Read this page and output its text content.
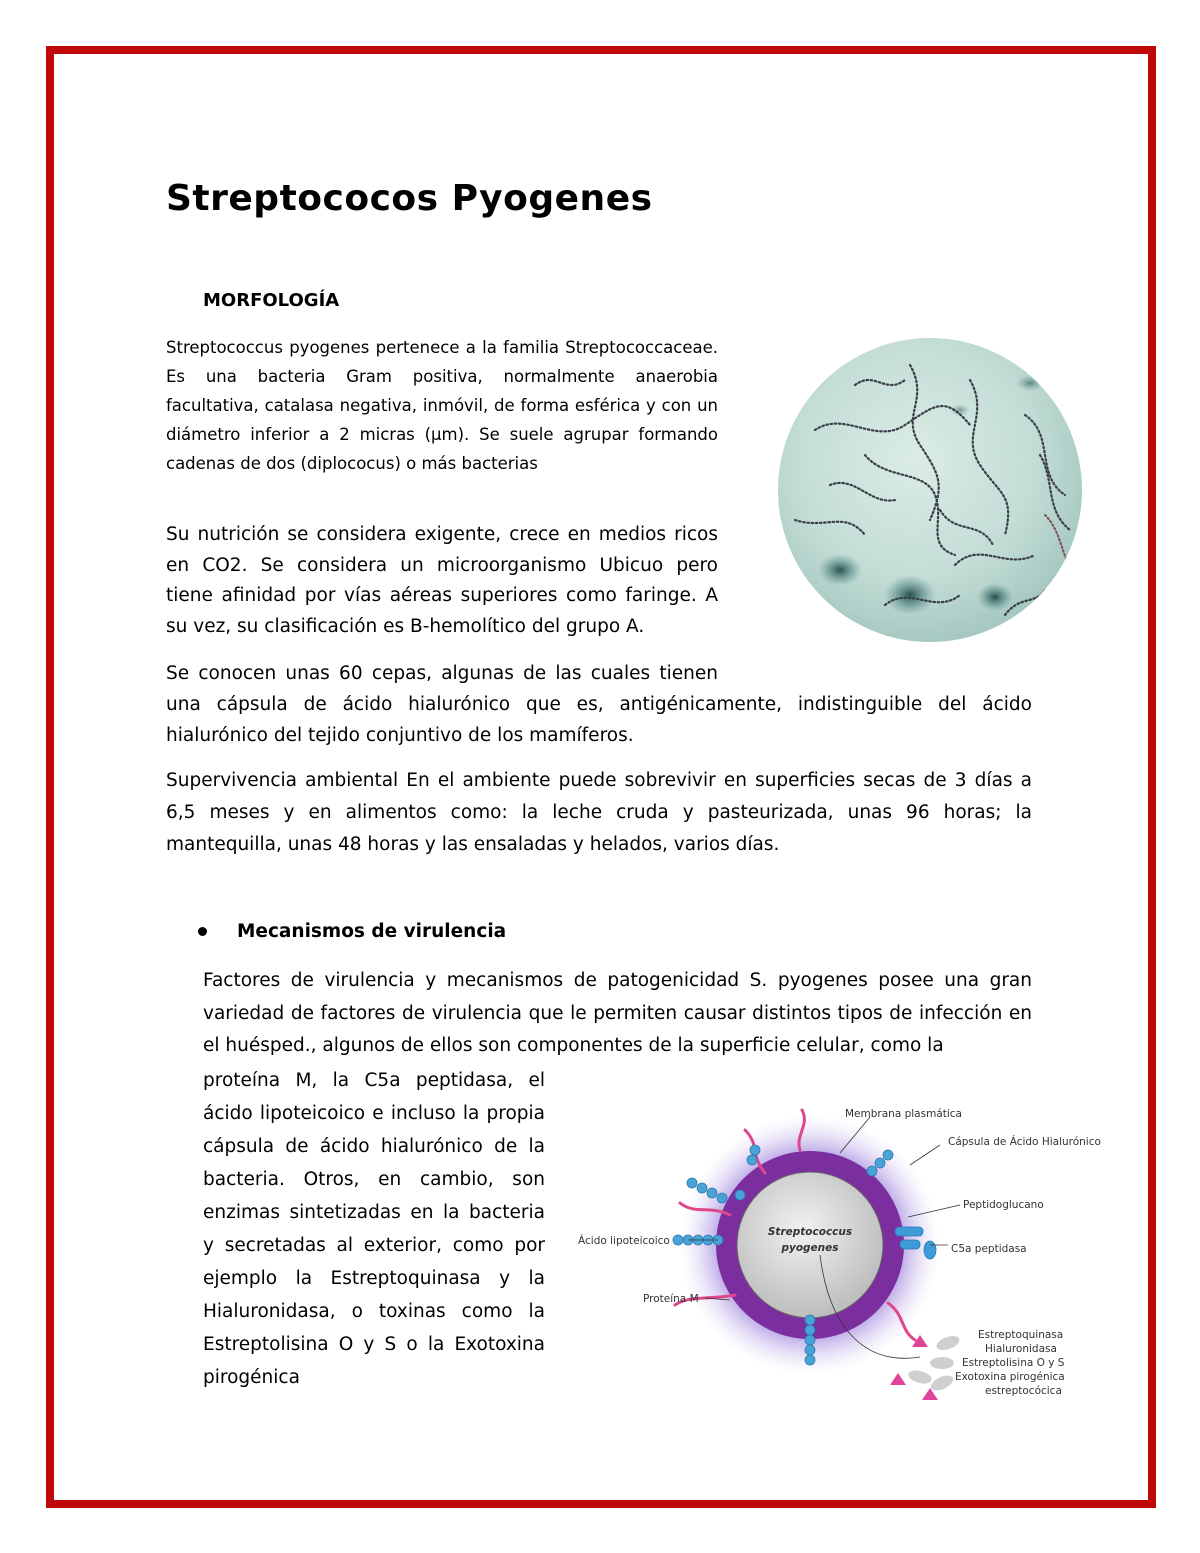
Streptococos Pyogenes
MORFOLOGÍA

Streptococcus pyogenes pertenece a la familia Streptococcaceae. Es una bacteria Gram positiva, normalmente anaerobia facultativa, catalasa negativa, inmóvil, de forma esférica y con un diámetro inferior a 2 micras (µm). Se suele agrupar formando cadenas de dos (diplococus) o más bacterias

Su nutrición se considera exigente, crece en medios ricos en CO2. Se considera un microorganismo Ubicuo pero tiene afinidad por vías aéreas superiores como faringe. A su vez, su clasificación es B-hemolítico del grupo A.

Se conocen unas 60 cepas, algunas de las cuales tienen
una cápsula de ácido hialurónico que es, antigénicamente, indistinguible del ácido hialurónico del tejido conjuntivo de los mamíferos.

Supervivencia ambiental En el ambiente puede sobrevivir en superficies secas de 3 días a 6,5 meses y en alimentos como: la leche cruda y pasteurizada, unas 96 horas; la mantequilla, unas 48 horas y las ensaladas y helados, varios días.

Mecanismos de virulencia

Factores de virulencia y mecanismos de patogenicidad S. pyogenes posee una gran variedad de factores de virulencia que le permiten causar distintos tipos de infección en el huésped., algunos de ellos son componentes de la superficie celular, como la

proteína M, la C5a peptidasa, el ácido lipoteicoico e incluso la propia cápsula de ácido hialurónico de la bacteria. Otros, en cambio, son enzimas sintetizadas en la bacteria y secretadas al exterior, como por ejemplo la Estreptoquinasa y la Hialuronidasa, o toxinas como la Estreptolisina O y S o la Exotoxina pirogénica

Streptococcus
pyogenes
Membrana plasmática
Cápsula de Ácido Hialurónico
Peptidoglucano
C5a peptidasa
Ácido lipoteicoico
Proteína M
Estreptoquinasa
Hialuronidasa
Estreptolisina O y S
Exotoxina pirogénica
estreptocócica
